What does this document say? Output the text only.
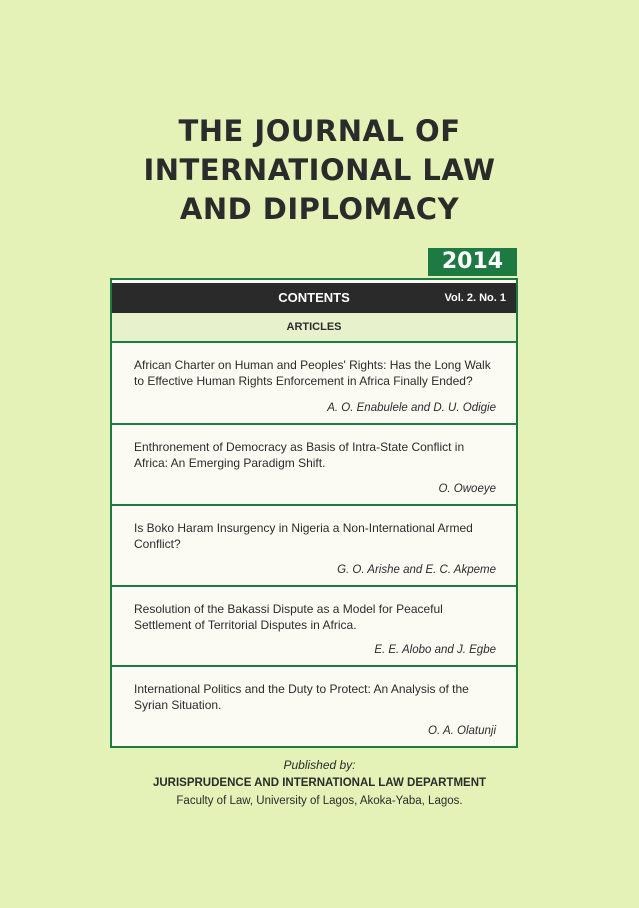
THE JOURNAL OF
INTERNATIONAL LAW
AND DIPLOMACY
2014
CONTENTS	Vol. 2. No. 1
ARTICLES
African Charter on Human and Peoples' Rights: Has the Long Walk to Effective Human Rights Enforcement in Africa Finally Ended?
A. O. Enabulele and D. U. Odigie
Enthronement of Democracy as Basis of Intra-State Conflict in Africa: An Emerging Paradigm Shift.
O. Owoeye
Is Boko Haram Insurgency in Nigeria a Non-International Armed Conflict?
G. O. Arishe and E. C. Akpeme
Resolution of the Bakassi Dispute as a Model for Peaceful Settlement of Territorial Disputes in Africa.
E. E. Alobo and J. Egbe
International Politics and the Duty to Protect: An Analysis of the Syrian Situation.
O. A. Olatunji
Published by:
JURISPRUDENCE AND INTERNATIONAL LAW DEPARTMENT
Faculty of Law, University of Lagos, Akoka-Yaba, Lagos.
